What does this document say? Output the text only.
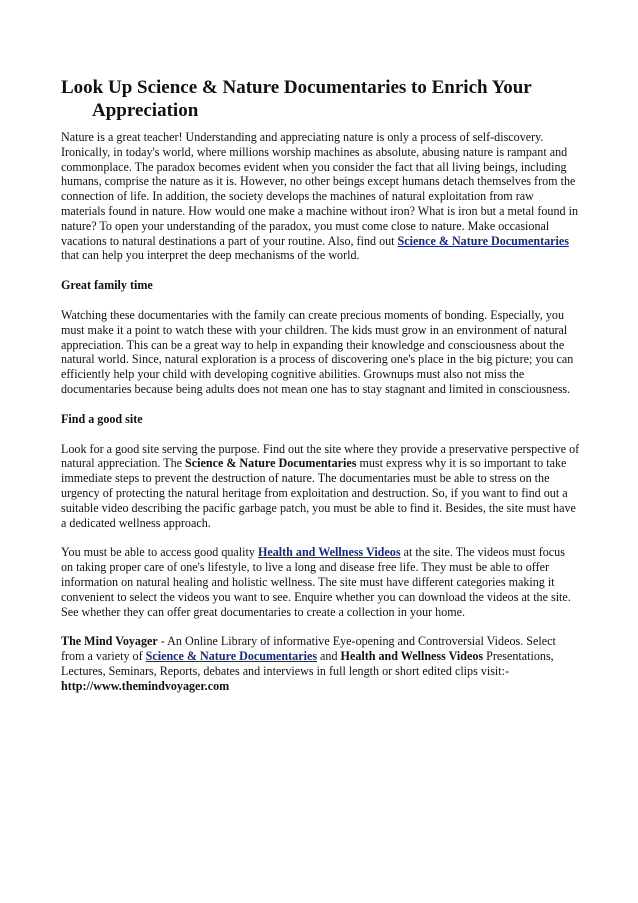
Look Up Science & Nature Documentaries to Enrich Your Appreciation

Nature is a great teacher! Understanding and appreciating nature is only a process of self-discovery. Ironically, in today's world, where millions worship machines as absolute, abusing nature is rampant and commonplace. The paradox becomes evident when you consider the fact that all living beings, including humans, comprise the nature as it is. However, no other beings except humans detach themselves from the connection of life. In addition, the society develops the machines of natural exploitation from raw materials found in nature. How would one make a machine without iron? What is iron but a metal found in nature? To open your understanding of the paradox, you must come close to nature. Make occasional vacations to natural destinations a part of your routine. Also, find out Science & Nature Documentaries that can help you interpret the deep mechanisms of the world.

Great family time

Watching these documentaries with the family can create precious moments of bonding. Especially, you must make it a point to watch these with your children. The kids must grow in an environment of natural appreciation. This can be a great way to help in expanding their knowledge and consciousness about the natural world. Since, natural exploration is a process of discovering one's place in the big picture; you can efficiently help your child with developing cognitive abilities. Grownups must also not miss the documentaries because being adults does not mean one has to stay stagnant and limited in consciousness.

Find a good site

Look for a good site serving the purpose. Find out the site where they provide a preservative perspective of natural appreciation. The Science & Nature Documentaries must express why it is so important to take immediate steps to prevent the destruction of nature. The documentaries must be able to stress on the urgency of protecting the natural heritage from exploitation and destruction. So, if you want to find out a suitable video describing the pacific garbage patch, you must be able to find it. Besides, the site must have a dedicated wellness approach.

You must be able to access good quality Health and Wellness Videos at the site. The videos must focus on taking proper care of one's lifestyle, to live a long and disease free life. They must be able to offer information on natural healing and holistic wellness. The site must have different categories making it convenient to select the videos you want to see. Enquire whether you can download the videos at the site. See whether they can offer great documentaries to create a collection in your home.

The Mind Voyager - An Online Library of informative Eye-opening and Controversial Videos. Select from a variety of Science & Nature Documentaries and Health and Wellness Videos Presentations, Lectures, Seminars, Reports, debates and interviews in full length or short edited clips visit:- http://www.themindvoyager.com
